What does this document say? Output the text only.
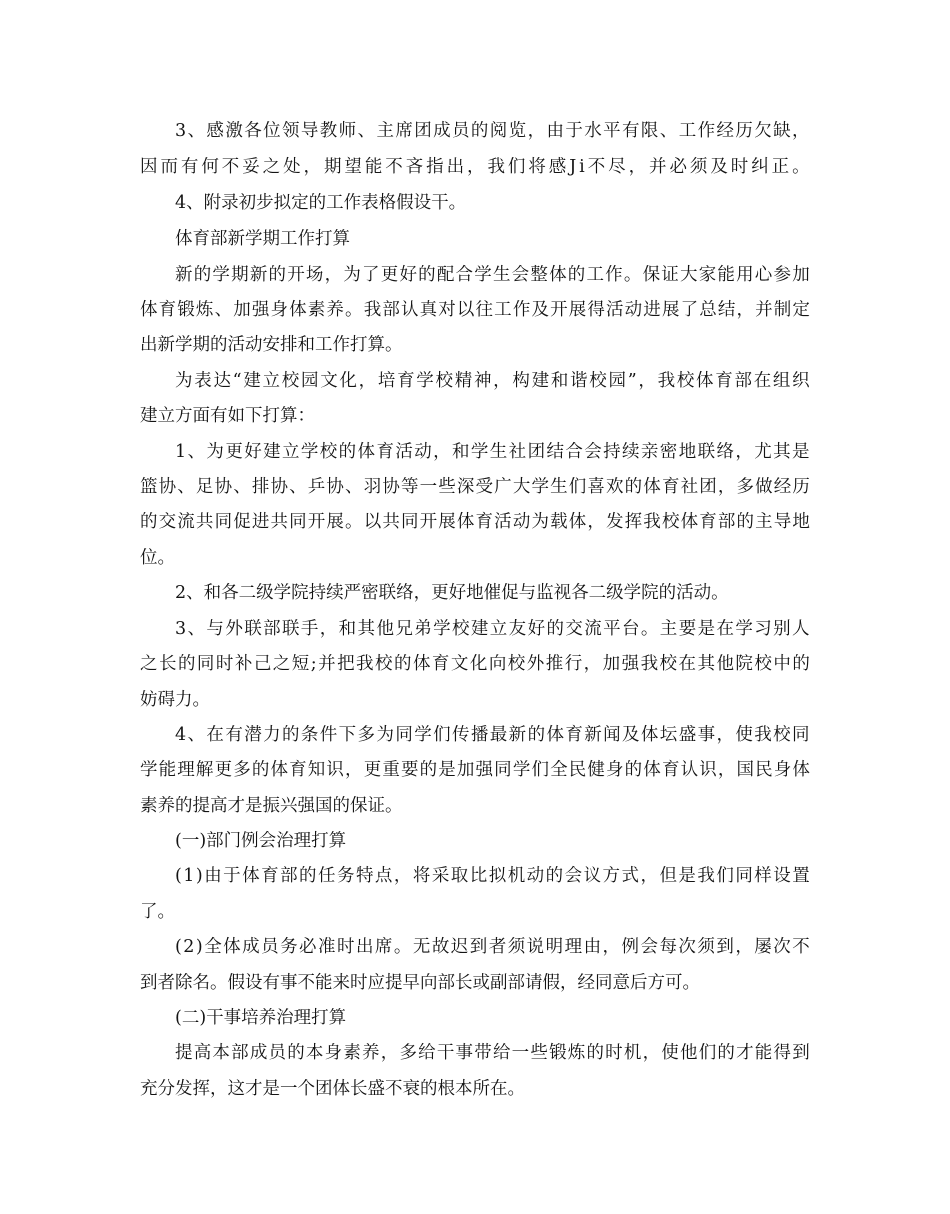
3 、 感 激 各 位 领 导 教 师 、 主 席 团 成 员 的 阅 览 ， 由 于 水 平 有 限 、 工 作 经 历 欠 缺 ，
因 而 有 何 不 妥 之 处 ， 期 望 能 不 吝 指 出 ， 我 们 将 感 J i 不 尽 ， 并 必 须 及 时 纠 正 。
4、附录初步拟定的工作表格假设干。
体育部新学期工作打算
新 的 学 期 新 的 开 场 ， 为 了 更 好 的 配 合 学 生 会 整 体 的 工 作 。 保 证 大 家 能 用 心 参 加
体 育 锻 炼 、 加 强 身 体 素 养 。 我 部 认 真 对 以 往 工 作 及 开 展 得 活 动 进 展 了 总 结 ， 并 制 定
出新学期的活动安排和工作打算。
为 表 达 “ 建 立 校 园 文 化 ， 培 育 学 校 精 神 ， 构 建 和 谐 校 园 ” ， 我 校 体 育 部 在 组 织
建立方面有如下打算：
1 、 为 更 好 建 立 学 校 的 体 育 活 动 ， 和 学 生 社 团 结 合 会 持 续 亲 密 地 联 络 ， 尤 其 是
篮 协 、 足 协 、 排 协 、 乒 协 、 羽 协 等 一 些 深 受 广 大 学 生 们 喜 欢 的 体 育 社 团 ， 多 做 经 历
的 交 流 共 同 促 进 共 同 开 展 。 以 共 同 开 展 体 育 活 动 为 载 体 ， 发 挥 我 校 体 育 部 的 主 导 地
位。
2、和各二级学院持续严密联络，更好地催促与监视各二级学院的活动。
3 、 与 外 联 部 联 手 ， 和 其 他 兄 弟 学 校 建 立 友 好 的 交 流 平 台 。 主 要 是 在 学 习 别 人
之 长 的 同 时 补 己 之 短 ; 并 把 我 校 的 体 育 文 化 向 校 外 推 行 ， 加 强 我 校 在 其 他 院 校 中 的
妨碍力。
4 、 在 有 潜 力 的 条 件 下 多 为 同 学 们 传 播 最 新 的 体 育 新 闻 及 体 坛 盛 事 ， 使 我 校 同
学 能 理 解 更 多 的 体 育 知 识 ， 更 重 要 的 是 加 强 同 学 们 全 民 健 身 的 体 育 认 识 ， 国 民 身 体
素养的提高才是振兴强国的保证。
(一)部门例会治理打算
( 1 ) 由 于 体 育 部 的 任 务 特 点 ， 将 采 取 比 拟 机 动 的 会 议 方 式 ， 但 是 我 们 同 样 设 置
了。
( 2 ) 全 体 成 员 务 必 准 时 出 席 。 无 故 迟 到 者 须 说 明 理 由 ， 例 会 每 次 须 到 ， 屡 次 不
到者除名。假设有事不能来时应提早向部长或副部请假，经同意后方可。
(二)干事培养治理打算
提 高 本 部 成 员 的 本 身 素 养 ， 多 给 干 事 带 给 一 些 锻 炼 的 时 机 ， 使 他 们 的 才 能 得 到
充分发挥，这才是一个团体长盛不衰的根本所在。
